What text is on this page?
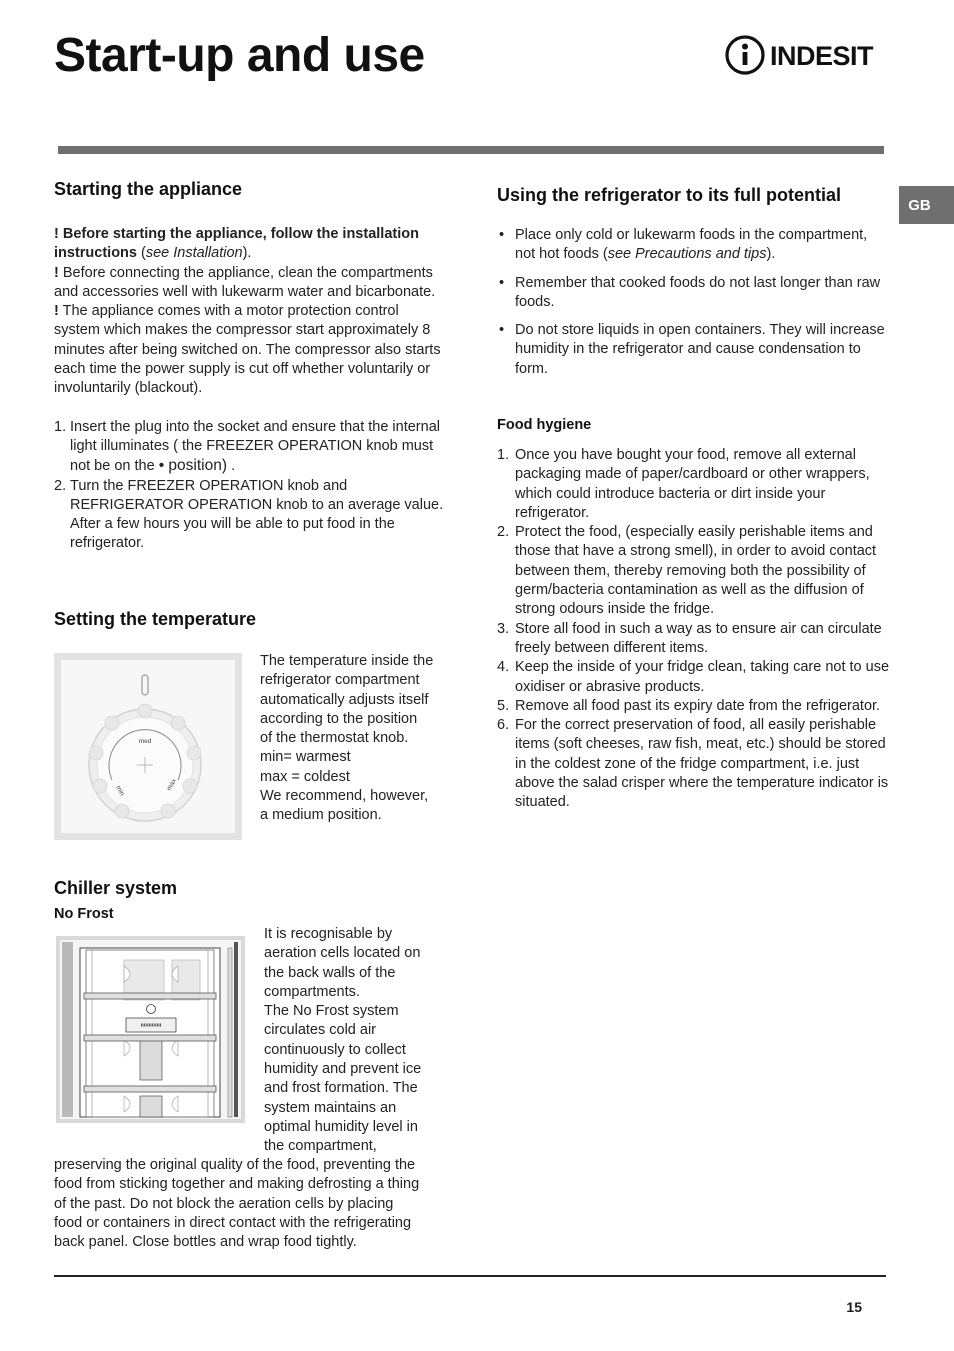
Start-up and use	INDESIT
GB
Starting the appliance
! Before starting the appliance, follow the installation instructions (see Installation).
! Before connecting the appliance, clean the compartments and accessories well with lukewarm water and bicarbonate.
! The appliance comes with a motor protection control system which makes the compressor start approximately 8 minutes after being switched on. The compressor also starts each time the power supply is cut off whether voluntarily or involuntarily (blackout).
1. Insert the plug into the socket and ensure that the internal light illuminates ( the FREEZER OPERATION knob must not be on the • position) .
2. Turn the FREEZER OPERATION knob and REFRIGERATOR OPERATION knob to an average value. After a few hours you will be able to put food in the refrigerator.
Setting the temperature
med
min	max
The temperature inside the
refrigerator compartment
automatically adjusts itself
according to the position
of the thermostat knob.
min= warmest
max = coldest
We recommend, however,
a medium position.
Chiller system
No Frost
It is recognisable by
aeration cells located on
the back walls of the
compartments.
The No Frost system
circulates cold air
continuously to collect
humidity and prevent ice
and frost formation. The
system maintains an
optimal humidity level in
the compartment,
preserving the original quality of the food, preventing the
food from sticking together and making defrosting a thing
of the past. Do not block the aeration cells by placing
food or containers in direct contact with the refrigerating
back panel. Close bottles and wrap food tightly.
Using the refrigerator to its full potential
• Place only cold or lukewarm foods in the compartment, not hot foods (see Precautions and tips).
• Remember that cooked foods do not last longer than raw foods.
• Do not store liquids in open containers. They will increase humidity in the refrigerator and cause condensation to form.
Food hygiene
1. Once you have bought your food, remove all external packaging made of paper/cardboard or other wrappers, which could introduce bacteria or dirt inside your refrigerator.
2. Protect the food, (especially easily perishable items and those that have a strong smell), in order to avoid contact between them, thereby removing both the possibility of germ/bacteria contamination as well as the diffusion of strong odours inside the fridge.
3. Store all food in such a way as to ensure air can circulate freely between different items.
4. Keep the inside of your fridge clean, taking care not to use oxidiser or abrasive products.
5. Remove all food past its expiry date from the refrigerator.
6. For the correct preservation of food, all easily perishable items (soft cheeses, raw fish, meat, etc.) should be stored in the coldest zone of the fridge compartment, i.e. just above the salad crisper where the temperature indicator is situated.
15
